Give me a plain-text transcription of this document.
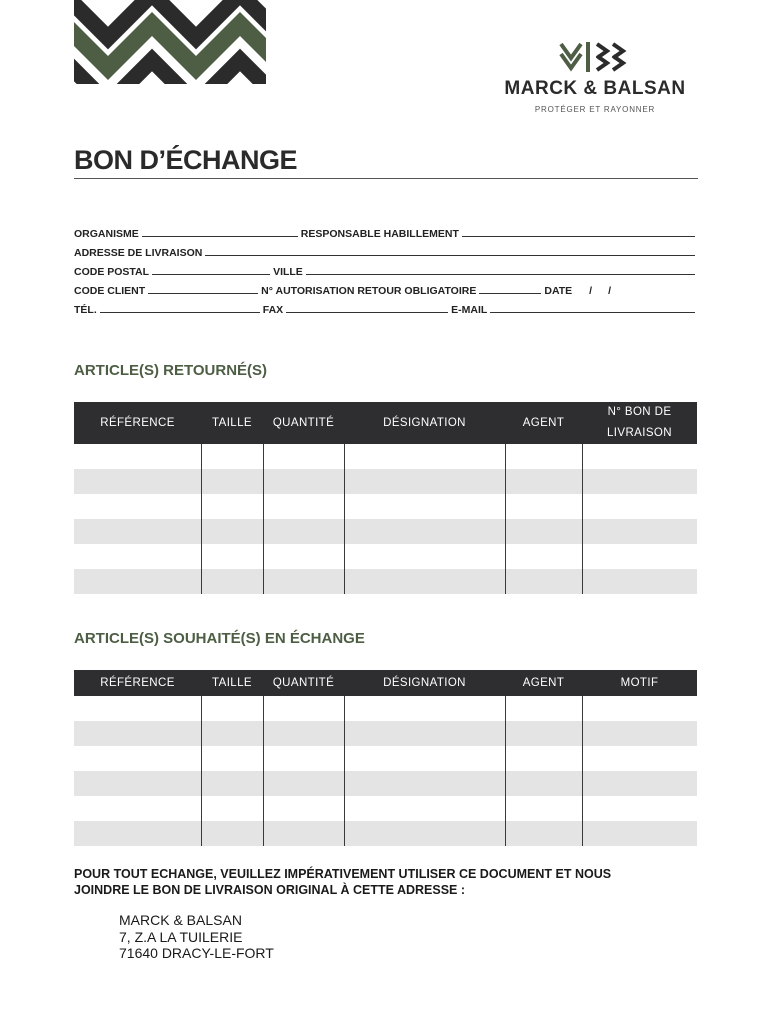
MARCK & BALSAN
PROTÉGER ET RAYONNER
BON D’ÉCHANGE
ORGANISME	RESPONSABLE HABILLEMENT
ADRESSE DE LIVRAISON
CODE POSTAL	VILLE
CODE CLIENT	N° AUTORISATION RETOUR OBLIGATOIRE	DATE / /
TÉL.	FAX	E-MAIL
ARTICLE(S) RETOURNÉ(S)
RÉFÉRENCE	TAILLE	QUANTITÉ	DÉSIGNATION	AGENT	N° BON DE
LIVRAISON

ARTICLE(S) SOUHAITÉ(S) EN ÉCHANGE
RÉFÉRENCE	TAILLE	QUANTITÉ	DÉSIGNATION	AGENT	MOTIF

POUR TOUT ECHANGE, VEUILLEZ IMPÉRATIVEMENT UTILISER CE DOCUMENT ET NOUS
JOINDRE LE BON DE LIVRAISON ORIGINAL À CETTE ADRESSE :
MARCK & BALSAN
7, Z.A LA TUILERIE
71640 DRACY-LE-FORT
